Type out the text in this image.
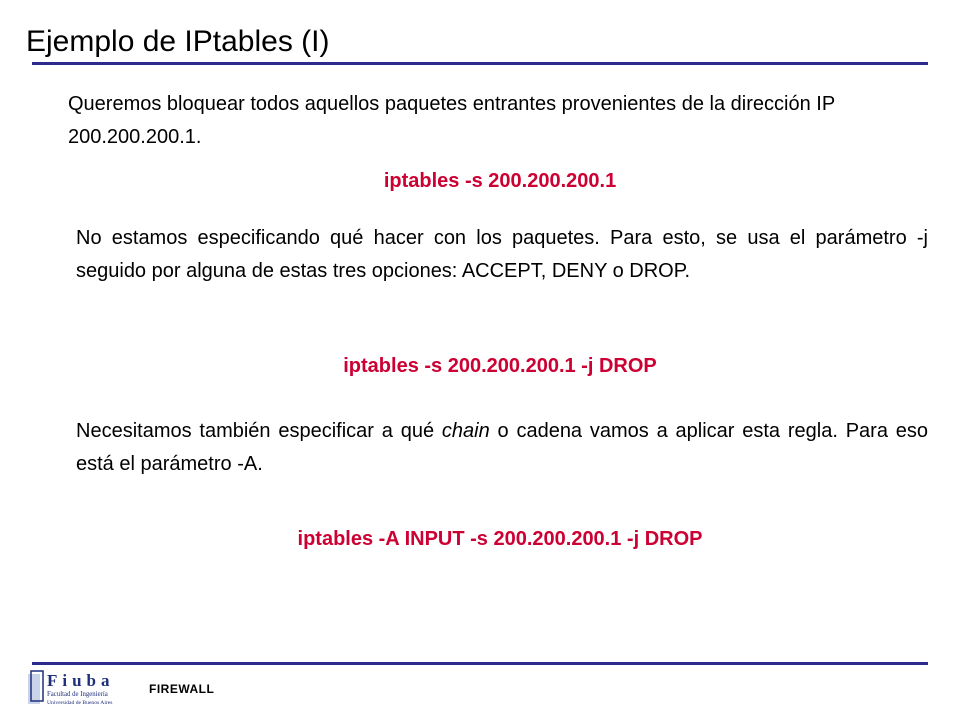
Ejemplo de IPtables (I)

Queremos bloquear todos aquellos paquetes entrantes provenientes de la dirección IP 200.200.200.1.

iptables -s 200.200.200.1

No estamos especificando qué hacer con los paquetes. Para esto, se usa el parámetro -j seguido por alguna de estas tres opciones: ACCEPT, DENY o DROP.

iptables -s 200.200.200.1 -j DROP

Necesitamos también especificar a qué chain o cadena vamos a aplicar esta regla. Para eso está el parámetro -A.

iptables -A INPUT -s 200.200.200.1 -j DROP
Fiuba
Facultad de Ingeniería
Universidad de Buenos Aires
FIREWALL
